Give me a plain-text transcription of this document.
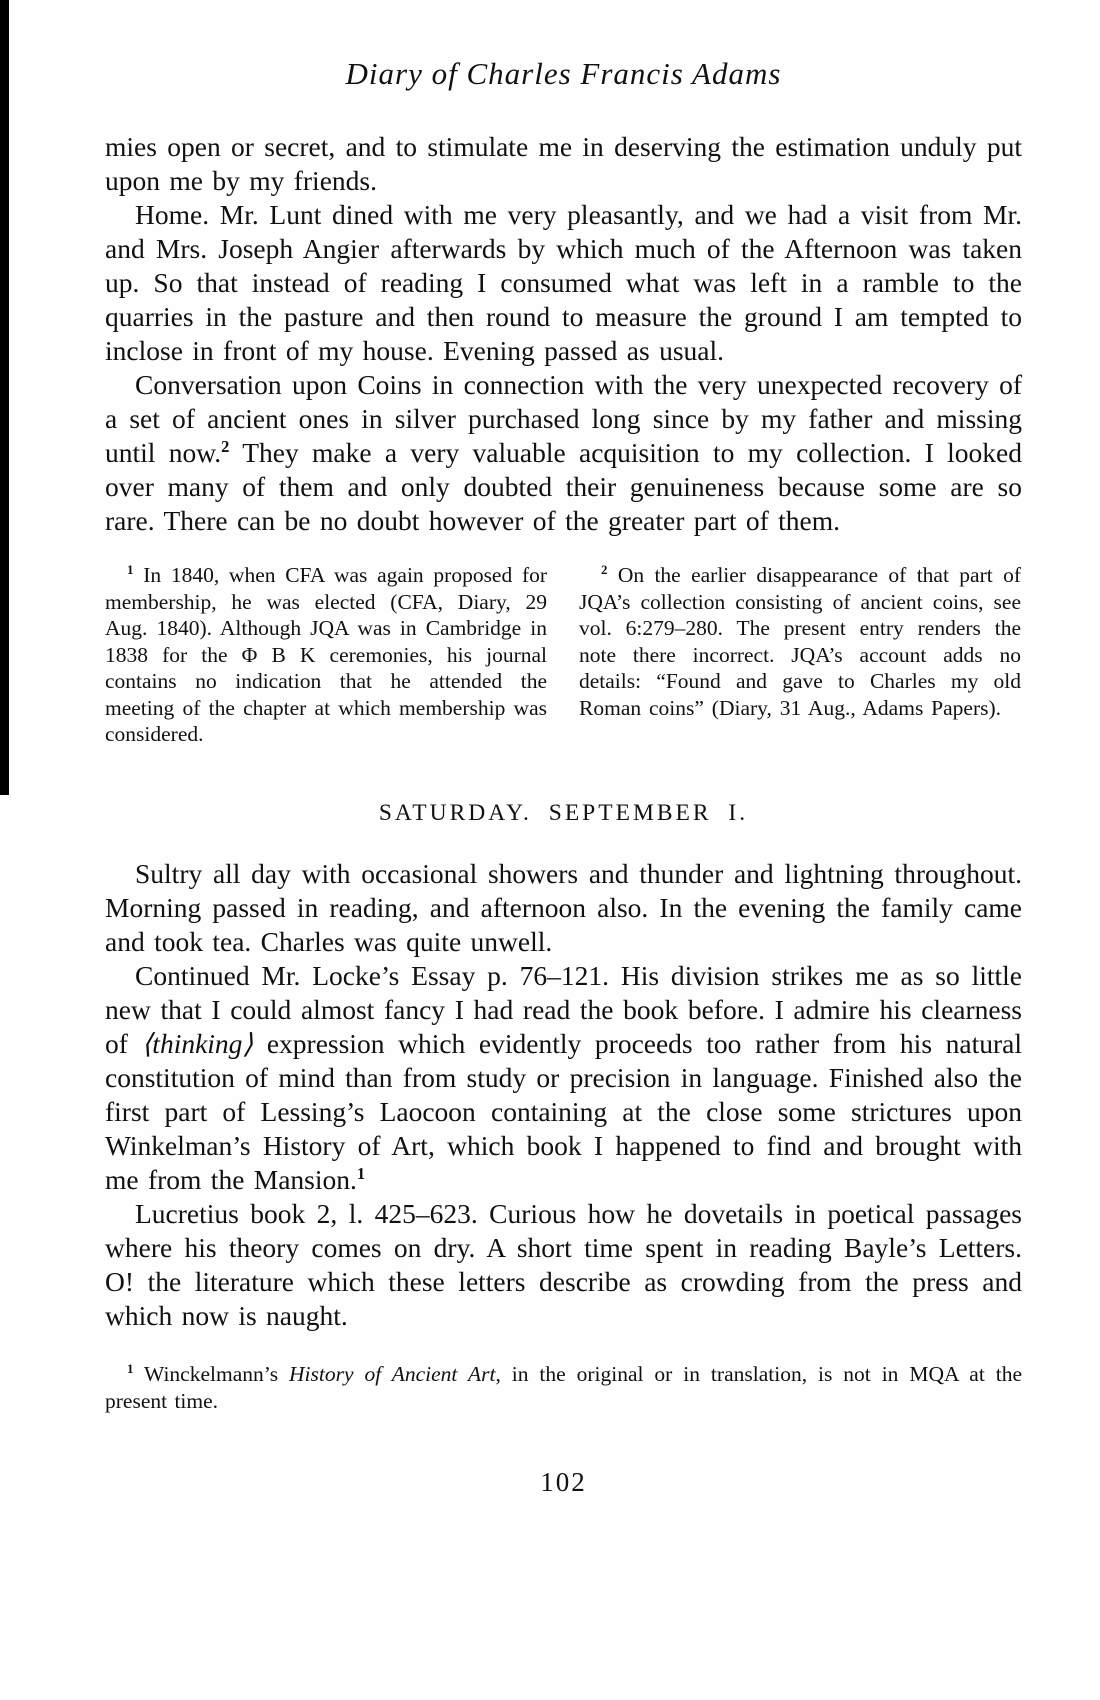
Diary of Charles Francis Adams

mies open or secret, and to stimulate me in deserving the estimation unduly put upon me by my friends.

Home. Mr. Lunt dined with me very pleasantly, and we had a visit from Mr. and Mrs. Joseph Angier afterwards by which much of the Afternoon was taken up. So that instead of reading I consumed what was left in a ramble to the quarries in the pasture and then round to measure the ground I am tempted to inclose in front of my house. Evening passed as usual.

Conversation upon Coins in connection with the very unexpected recovery of a set of ancient ones in silver purchased long since by my father and missing until now.$^2$ They make a very valuable acquisition to my collection. I looked over many of them and only doubted their genuineness because some are so rare. There can be no doubt however of the greater part of them.

$^1$ In 1840, when CFA was again proposed for membership, he was elected (CFA, Diary, 29 Aug. 1840). Although JQA was in Cambridge in 1838 for the Φ B K ceremonies, his journal contains no indication that he attended the meeting of the chapter at which membership was considered.

$^2$ On the earlier disappearance of that part of JQA’s collection consisting of ancient coins, see vol. 6:279–280. The present entry renders the note there incorrect. JQA’s account adds no details: “Found and gave to Charles my old Roman coins” (Diary, 31 Aug., Adams Papers).

SATURDAY. SEPTEMBER I.

Sultry all day with occasional showers and thunder and lightning throughout. Morning passed in reading, and afternoon also. In the evening the family came and took tea. Charles was quite unwell.

Continued Mr. Locke’s Essay p. 76–121. His division strikes me as so little new that I could almost fancy I had read the book before. I admire his clearness of ⟨thinking⟩ expression which evidently proceeds too rather from his natural constitution of mind than from study or precision in language. Finished also the first part of Lessing’s Laocoon containing at the close some strictures upon Winkelman’s History of Art, which book I happened to find and brought with me from the Mansion.$^1$

Lucretius book 2, l. 425–623. Curious how he dovetails in poetical passages where his theory comes on dry. A short time spent in reading Bayle’s Letters. O! the literature which these letters describe as crowding from the press and which now is naught.

$^1$ Winckelmann’s History of Ancient Art, in the original or in translation, is not in MQA at the present time.
102
